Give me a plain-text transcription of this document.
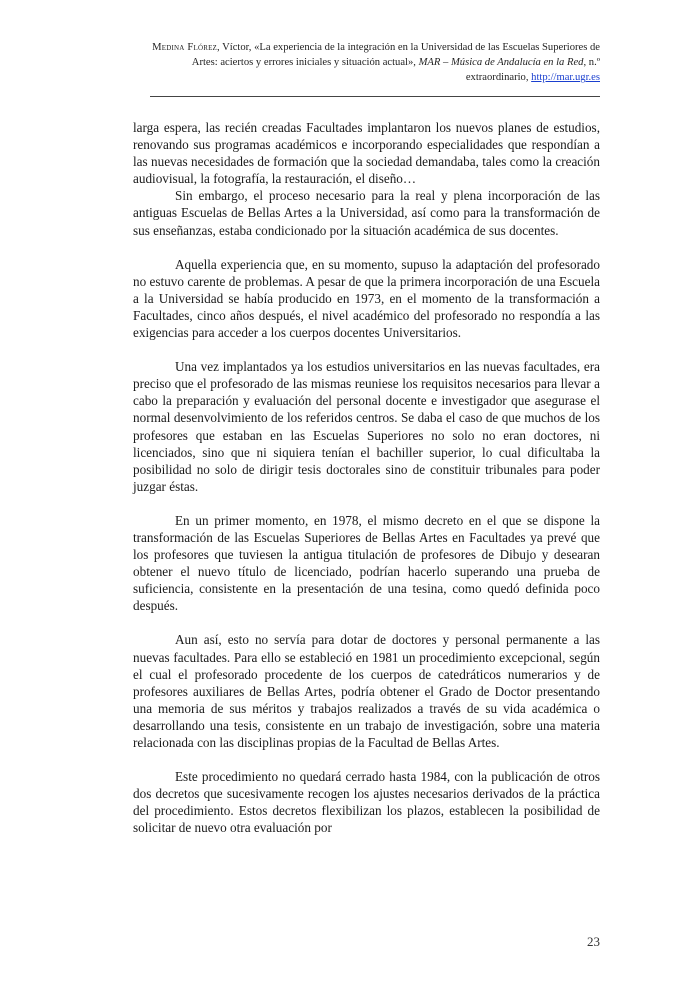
Medina Flórez, Víctor, «La experiencia de la integración en la Universidad de las Escuelas Superiores de Artes: aciertos y errores iniciales y situación actual», MAR – Música de Andalucía en la Red, n.º extraordinario, http://mar.ugr.es

larga espera, las recién creadas Facultades implantaron los nuevos planes de estudios, renovando sus programas académicos e incorporando especialidades que respondían a las nuevas necesidades de formación que la sociedad demandaba, tales como la creación audiovisual, la fotografía, la restauración, el diseño…

Sin embargo, el proceso necesario para la real y plena incorporación de las antiguas Escuelas de Bellas Artes a la Universidad, así como para la transformación de sus enseñanzas, estaba condicionado por la situación académica de sus docentes.

Aquella experiencia que, en su momento, supuso la adaptación del profesorado no estuvo carente de problemas. A pesar de que la primera incorporación de una Escuela a la Universidad se había producido en 1973, en el momento de la transformación a Facultades, cinco años después, el nivel académico del profesorado no respondía a las exigencias para acceder a los cuerpos docentes Universitarios.

Una vez implantados ya los estudios universitarios en las nuevas facultades, era preciso que el profesorado de las mismas reuniese los requisitos necesarios para llevar a cabo la preparación y evaluación del personal docente e investigador que asegurase el normal desenvolvimiento de los referidos centros. Se daba el caso de que muchos de los profesores que estaban en las Escuelas Superiores no solo no eran doctores, ni licenciados, sino que ni siquiera tenían el bachiller superior, lo cual dificultaba la posibilidad no solo de dirigir tesis doctorales sino de constituir tribunales para poder juzgar éstas.

En un primer momento, en 1978, el mismo decreto en el que se dispone la transformación de las Escuelas Superiores de Bellas Artes en Facultades ya prevé que los profesores que tuviesen la antigua titulación de profesores de Dibujo y desearan obtener el nuevo título de licenciado, podrían hacerlo superando una prueba de suficiencia, consistente en la presentación de una tesina, como quedó definida poco después.

Aun así, esto no servía para dotar de doctores y personal permanente a las nuevas facultades. Para ello se estableció en 1981 un procedimiento excepcional, según el cual el profesorado procedente de los cuerpos de catedráticos numerarios y de profesores auxiliares de Bellas Artes, podría obtener el Grado de Doctor presentando una memoria de sus méritos y trabajos realizados a través de su vida académica o desarrollando una tesis, consistente en un trabajo de investigación, sobre una materia relacionada con las disciplinas propias de la Facultad de Bellas Artes.

Este procedimiento no quedará cerrado hasta 1984, con la publicación de otros dos decretos que sucesivamente recogen los ajustes necesarios derivados de la práctica del procedimiento. Estos decretos flexibilizan los plazos, establecen la posibilidad de solicitar de nuevo otra evaluación por

23
